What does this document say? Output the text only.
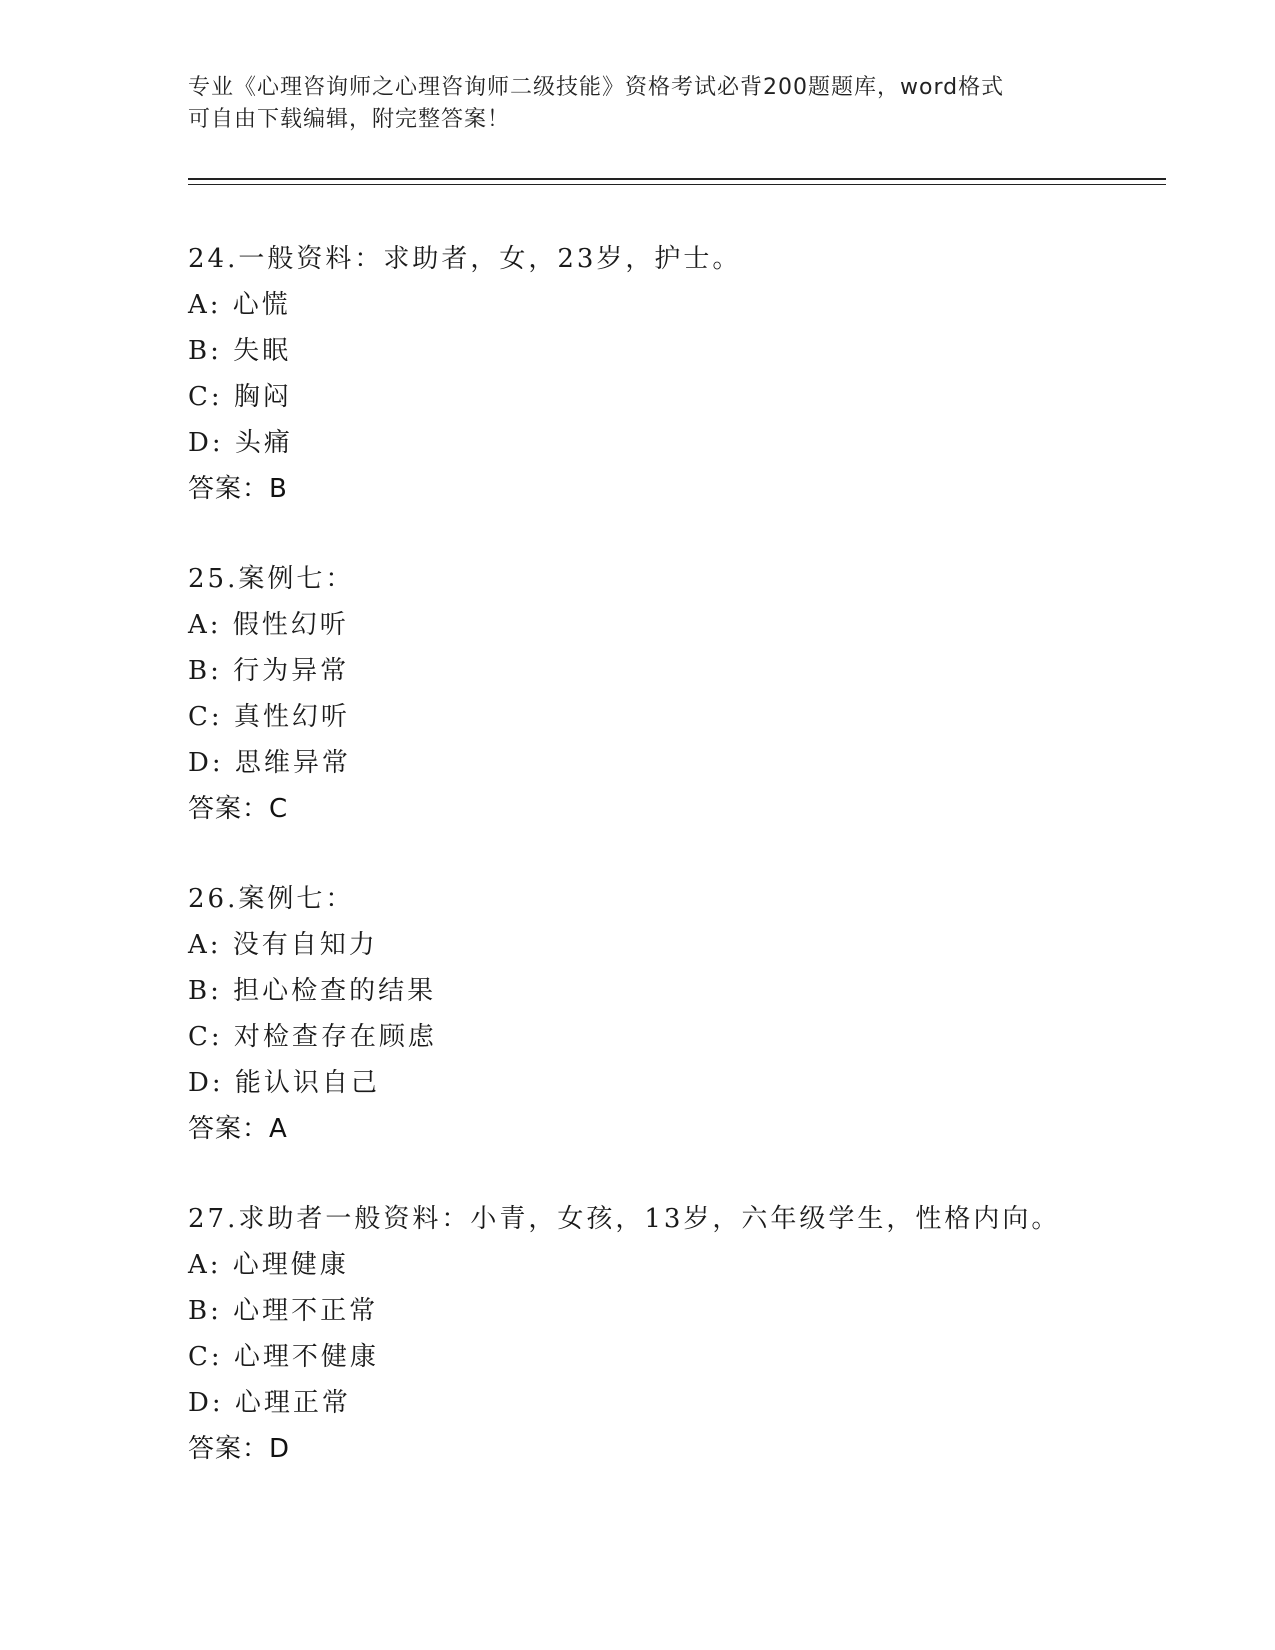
专业《心理咨询师之心理咨询师二级技能》资格考试必背200题题库，word格式
可自由下载编辑，附完整答案！
24.一般资料：求助者，女，23岁，护士。
A: 心慌
B: 失眠
C: 胸闷
D: 头痛
答案：B
25.案例七：
A: 假性幻听
B: 行为异常
C: 真性幻听
D: 思维异常
答案：C
26.案例七：
A: 没有自知力
B: 担心检查的结果
C: 对检查存在顾虑
D: 能认识自己
答案：A
27.求助者一般资料：小青，女孩，13岁，六年级学生，性格内向。
A: 心理健康
B: 心理不正常
C: 心理不健康
D: 心理正常
答案：D
